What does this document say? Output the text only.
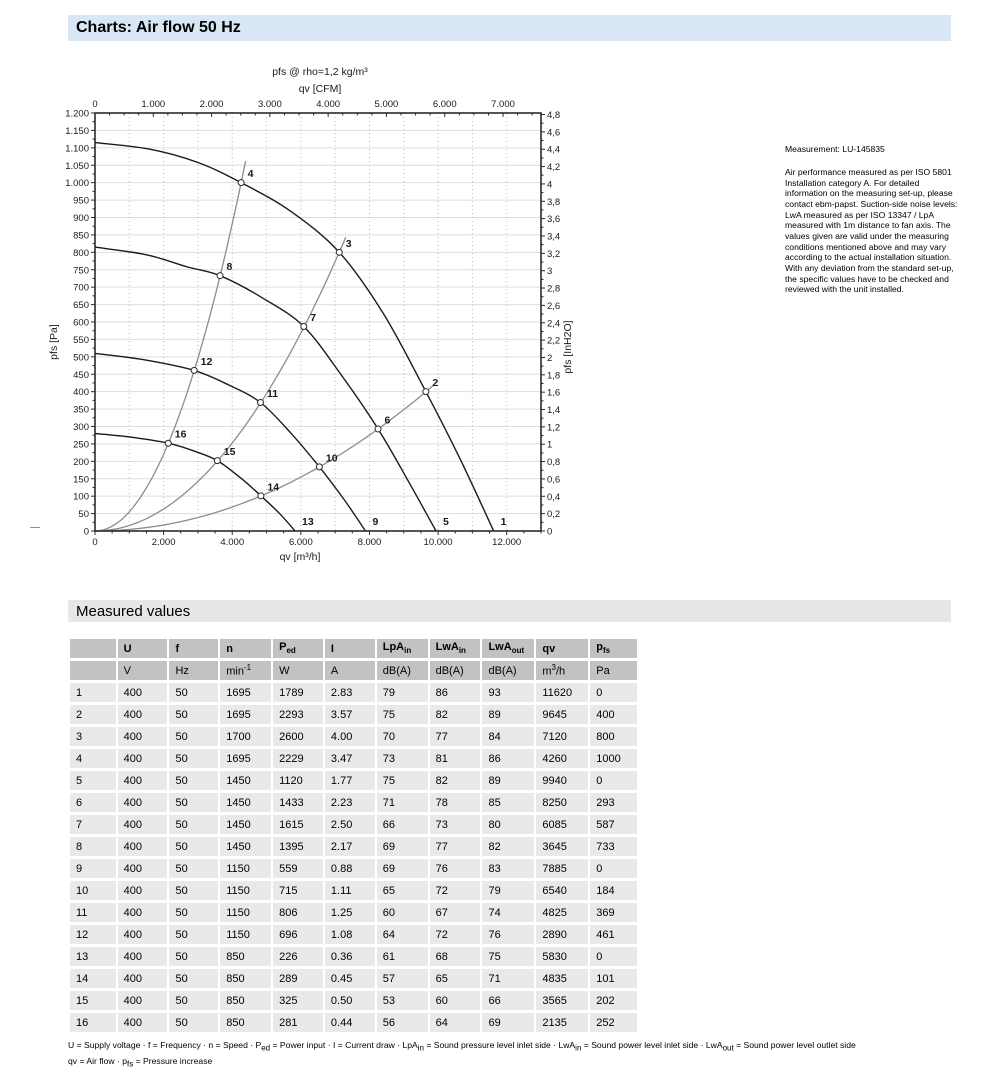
Charts: Air flow 50 Hz
0
50
100
150
200
250
300
350
400
450
500
550
600
650
700
750
800
850
900
950
1.000
1.050
1.100
1.150
1.200
0
0,2
0,4
0,6
0,8
1
1,2
1,4
1,6
1,8
2
2,2
2,4
2,6
2,8
3
3,2
3,4
3,6
3,8
4
4,2
4,4
4,6
4,8
0	2.000	4.000	6.000	8.000	10.000	12.000
0	1.000	2.000	3.000	4.000	5.000	6.000	7.000
pfs @ rho=1,2 kg/m³
qv [CFM]
qv [m³/h]
pfs [Pa]	pfs [InH2O]
1
2
3
4
5
6
7
8
9
10
11
12
13
14
15
16
Measurement: LU-145835
Air performance measured as per ISO 5801 Installation category A. For detailed information on the measuring set-up, please contact ebm-papst. Suction-side noise levels: LwA measured as per ISO 13347 / LpA measured with 1m distance to fan axis. The values given are valid under the measuring conditions mentioned above and may vary according to the actual installation situation. With any deviation from the standard set-up, the specific values have to be checked and reviewed with the unit installed.
Measured values
	U	f	n	$P_{ed}$	I	LpA$_{in}$	LwA$_{in}$	LwA$_{out}$	qv	$p_{fs}$
	V	Hz	$\min^{-1}$	W	A	dB(A)	dB(A)	dB(A)	$m^3/h$	Pa
1	400	50	1695	1789	2.83	79	86	93	11620	0
2	400	50	1695	2293	3.57	75	82	89	9645	400
3	400	50	1700	2600	4.00	70	77	84	7120	800
4	400	50	1695	2229	3.47	73	81	86	4260	1000
5	400	50	1450	1120	1.77	75	82	89	9940	0
6	400	50	1450	1433	2.23	71	78	85	8250	293
7	400	50	1450	1615	2.50	66	73	80	6085	587
8	400	50	1450	1395	2.17	69	77	82	3645	733
9	400	50	1150	559	0.88	69	76	83	7885	0
10	400	50	1150	715	1.11	65	72	79	6540	184
11	400	50	1150	806	1.25	60	67	74	4825	369
12	400	50	1150	696	1.08	64	72	76	2890	461
13	400	50	850	226	0.36	61	68	75	5830	0
14	400	50	850	289	0.45	57	65	71	4835	101
15	400	50	850	325	0.50	53	60	66	3565	202
16	400	50	850	281	0.44	56	64	69	2135	252
U = Supply voltage · f = Frequency · n = Speed · $P_{ed}$ = Power input · I = Current draw · LpA$_{in}$ = Sound pressure level inlet side · LwA$_{in}$ = Sound power level inlet side · LwA$_{out}$ = Sound power level outlet side
qv = Air flow · $p_{fs}$ = Pressure increase
